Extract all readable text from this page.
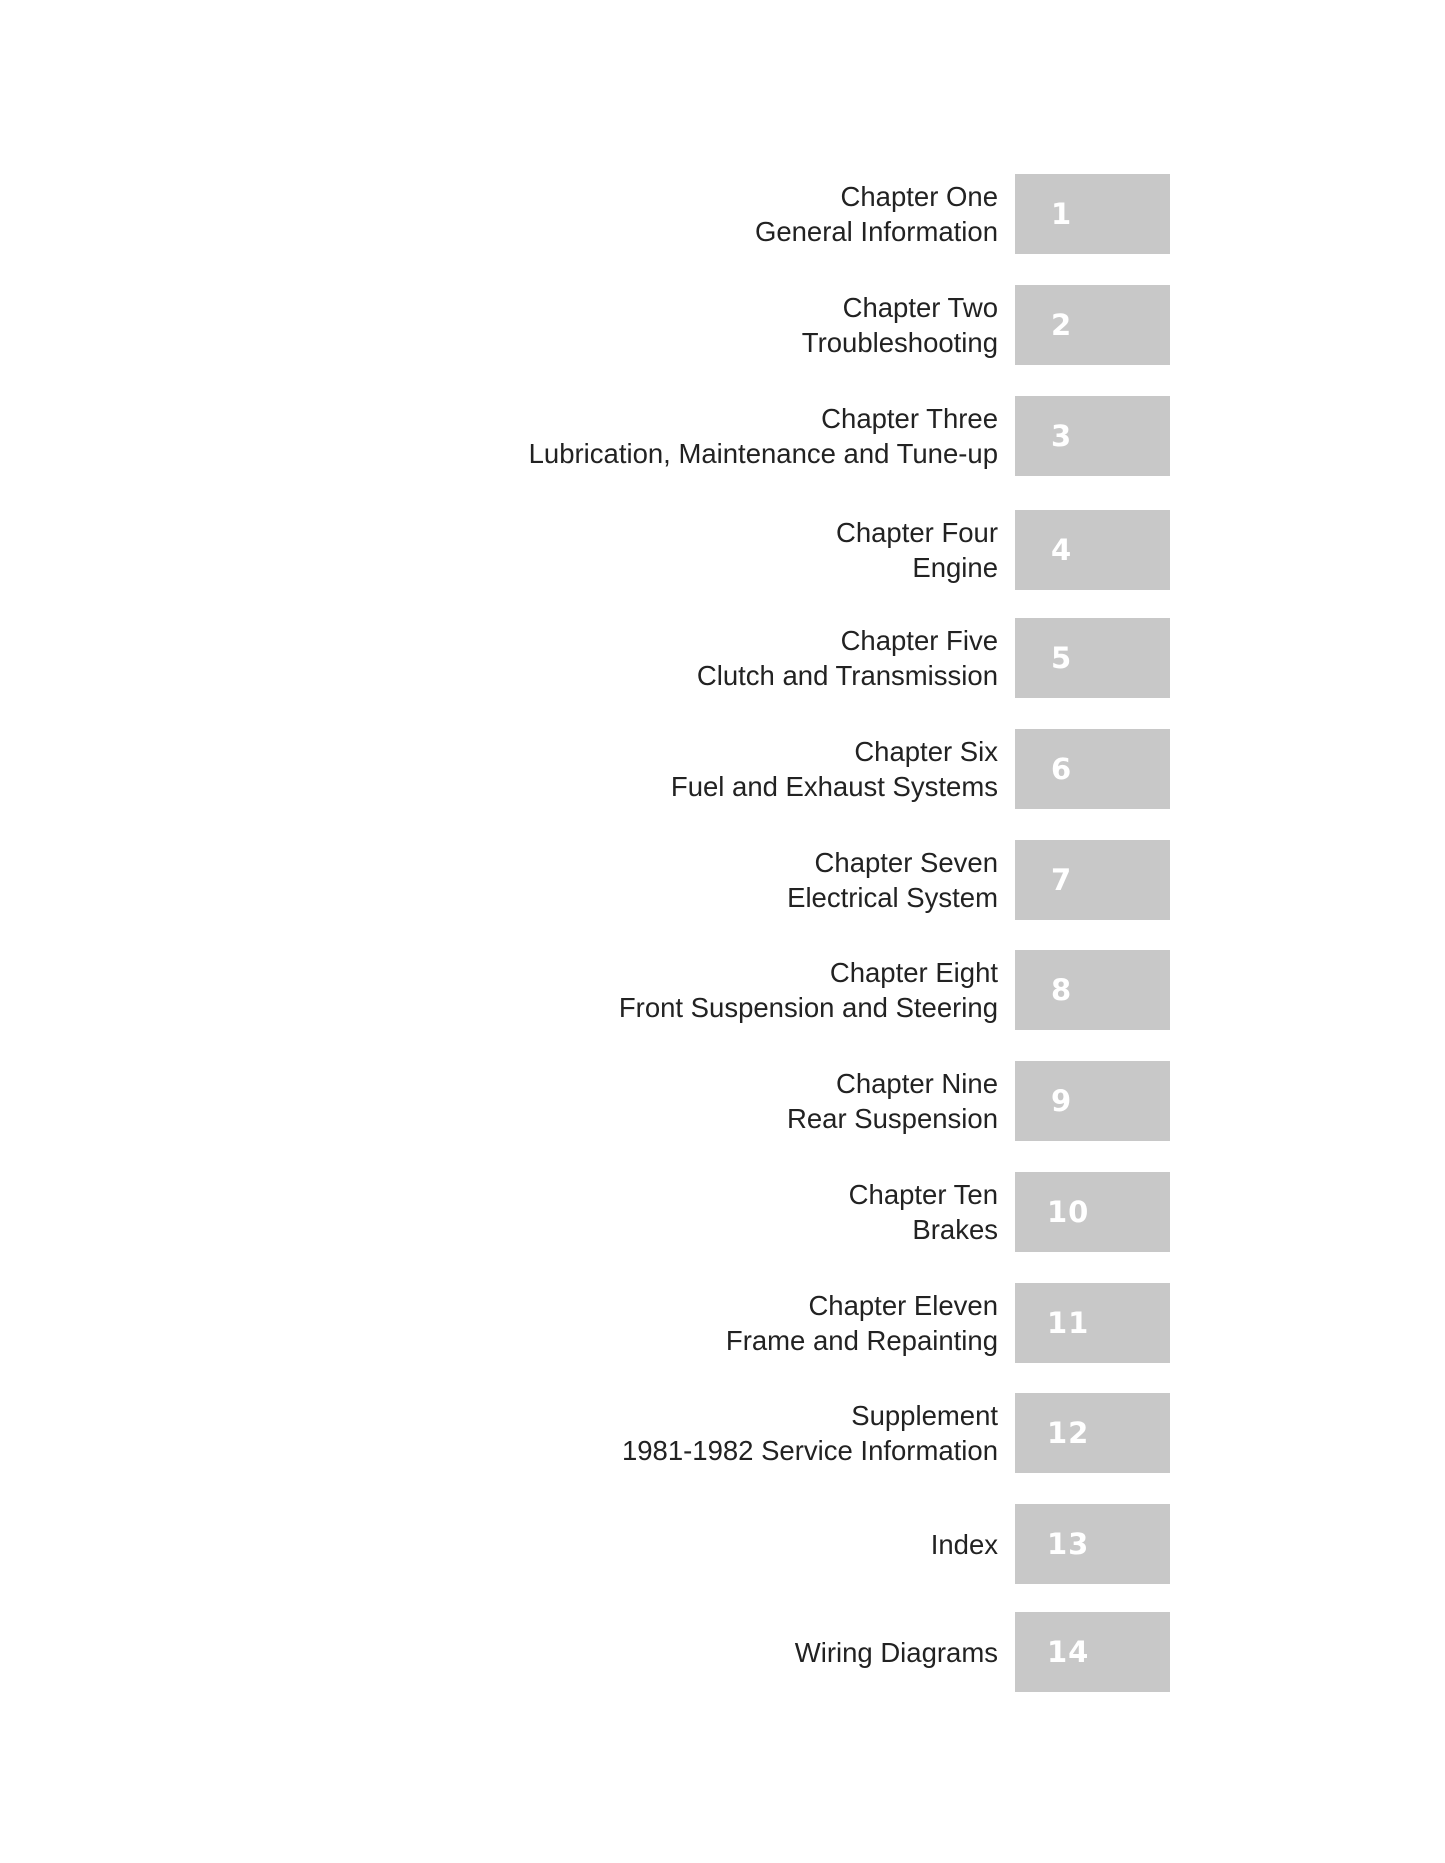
Chapter One
General Information
1
Chapter Two
Troubleshooting
2
Chapter Three
Lubrication, Maintenance and Tune-up
3
Chapter Four
Engine
4
Chapter Five
Clutch and Transmission
5
Chapter Six
Fuel and Exhaust Systems
6
Chapter Seven
Electrical System
7
Chapter Eight
Front Suspension and Steering
8
Chapter Nine
Rear Suspension
9
Chapter Ten
Brakes
10
Chapter Eleven
Frame and Repainting
11
Supplement
1981-1982 Service Information
12
Index 13
Wiring Diagrams 14
